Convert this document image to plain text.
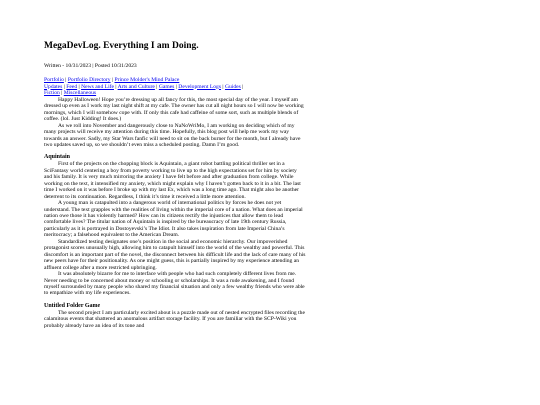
MegaDevLog. Everything I am Doing.
Written - 10/31/2023 | Posted 10/31/2023
Portfolio | Portfolio Directory | Prince Molder's Mind Palace
Updates | Feed | News and Life | Arts and Culture | Games | Development Logs | Guides |
Fiction | Miscellaneous

Happy Halloween! Hope you’re dressing up all fancy for this, the most special day of the year. I myself am dressed up even as I work my last night shift at my cafe. The owner has cut all night hours so I will now be working mornings, which I will somehow cope with. If only this cafe had caffeine of some sort, such as multiple blends of coffee. (lol. Just Kidding! It does.)

As we roll into November and dangerously close to NaNoWriMo, I am working on deciding which of my many projects will receive my attention during this time. Hopefully, this blog post will help me work my way towards an answer. Sadly, my Star Wars fanfic will need to sit on the back burner for the month, but I already have two updates saved up, so we shouldn’t even miss a scheduled posting. Damn I’m good.

Aquintain

First of the projects on the chopping block is Aquintain, a giant robot battling political thriller set in a SciFantasy world centering a boy from poverty working to live up to the high expectations set for him by society and his family. It is very much mirroring the anxiety I have felt before and after graduation from college. While working on the text, it intensified my anxiety, which might explain why I haven’t gotten back to it in a bit. The last time I worked on it was before I broke up with my last Ex, which was a long time ago. That might also be another deterrent to its continuation. Regardless, I think it’s time it received a little more attention.

A young man is catapulted into a dangerous world of international politics by forces he does not yet understand. The text grapples with the realities of living within the imperial core of a nation. What does an imperial nation owe those it has violently harmed? How can its citizens rectify the injustices that allow them to lead comfortable lives? The titular nation of Aquintain is inspired by the bureaucracy of late 19th century Russia, particularly as it is portrayed in Dostoyevski’s The Idiot. It also takes inspiration from late Imperial China’s meritocracy; a falsehood equivalent to the American Dream.

Standardized testing designates one’s position in the social and economic hierarchy. Our impoverished protagonist scores unusually high, allowing him to catapult himself into the world of the wealthy and powerful. This discomfort is an important part of the novel, the disconnect between his difficult life and the lack of care many of his new peers have for their positionality. As one might guess, this is partially inspired by my experience attending an affluent college after a more restricted upbringing.

It was absolutely bizarre for me to interface with people who had such completely different lives from me. Never needing to be concerned about money or schooling or scholarships. It was a rude awakening, and I found myself surrounded by many people who shared my financial situation and only a few wealthy friends who were able to empathize with my life experiences.

Untitled Folder Game

The second project I am particularly excited about is a puzzle made out of nested encrypted files recording the calamitous events that shattered an anomalous artifact storage facility. If you are familiar with the SCP-Wiki you probably already have an idea of its tone and
